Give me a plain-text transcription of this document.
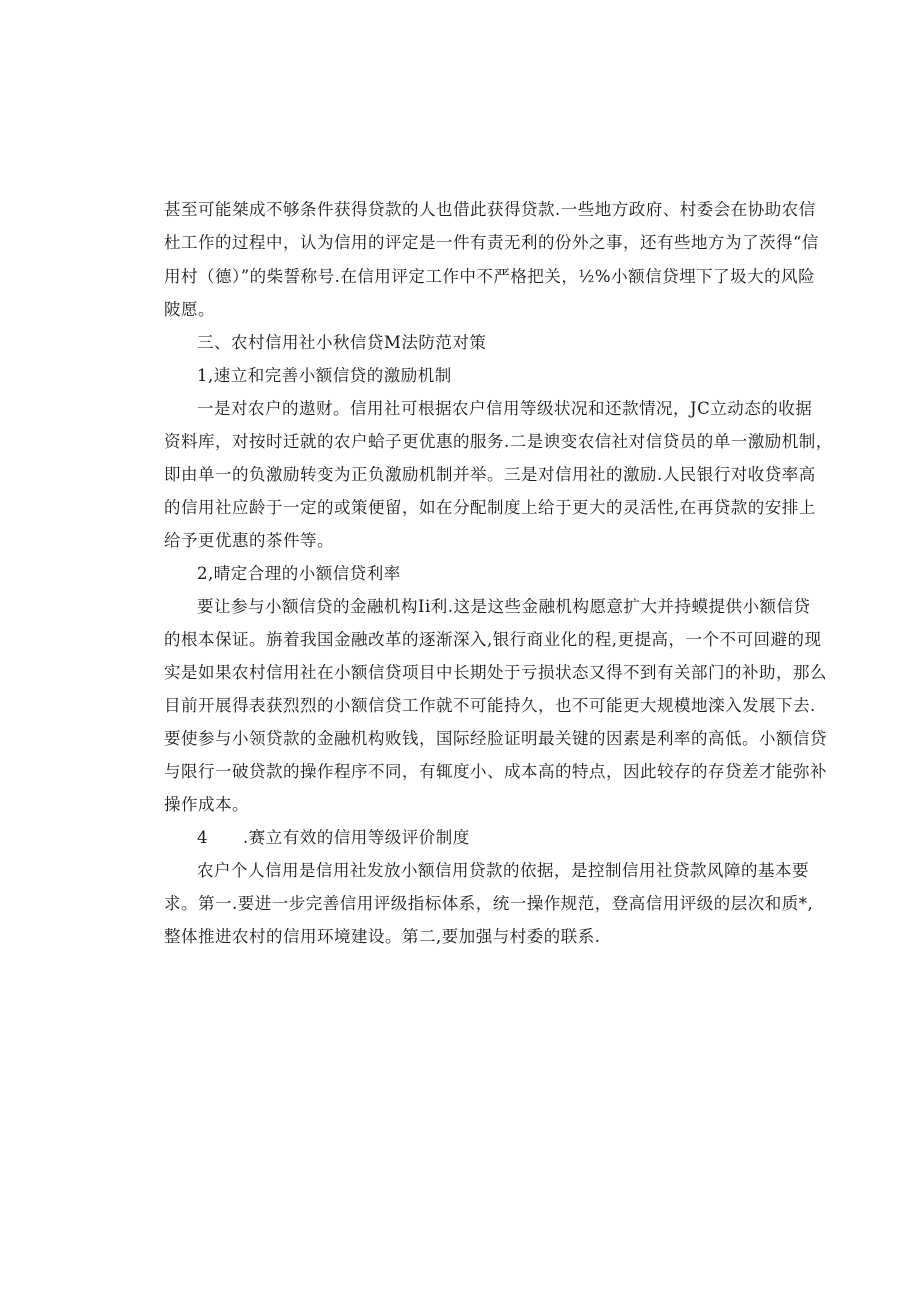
甚至可能桀成不够条件获得贷款的人也借此获得贷款.一些地方政府、村委会在协助农信
杜工作的过程中，认为信用的评定是一件有责无利的份外之事，还有些地方为了茨得“信
用村（德）”的柴誓称号.在信用评定工作中不严格把关，½%小额信贷埋下了圾大的风险
陂愿。
三、农村信用社小秋信贷M法防范对策
1,速立和完善小额信贷的激励机制
一是对农户的遨财。信用社可根据农户信用等级状况和还款情况，JC立动态的收据
资料库，对按时迁就的农户蛤子更优惠的服务.二是谀变农信社对信贷员的单一激励机制，
即由单一的负激励转变为正负激励机制并举。三是对信用社的激励.人民银行对收贷率高
的信用社应龄于一定的或策便留，如在分配制度上给于更大的灵活性,在再贷款的安排上
给予更优惠的茶件等。
2,晴定合理的小额信贷利率
要让参与小额信贷的金融机构Ii利.这是这些金融机构愿意扩大并持蟆提供小额信贷
的根本保证。旃着我国金融改革的逐渐深入,银行商业化的程,更提高，一个不可回避的现
实是如果农村信用社在小额信贷项目中长期处于亏损状态又得不到有关部门的补助，那么
目前开展得表获烈烈的小额信贷工作就不可能持久，也不可能更大规模地滦入发展下去.
要使参与小领贷款的金融机构败钱，国际经脸证明最关键的因素是利率的高低。小额信贷
与限行一破贷款的操作程序不同，有辄度小、成本高的特点，因此较存的存贷差才能弥补
操作成本。
4	.赛立有效的信用等级评价制度
农户个人信用是信用社发放小额信用贷款的依据，是控制信用社贷款风障的基本要
求。第一.要进一步完善信用评级指标体系，统一操作规范，登高信用评级的层次和质*,
整体推进农村的信用环境建设。第二,要加强与村委的联系.
